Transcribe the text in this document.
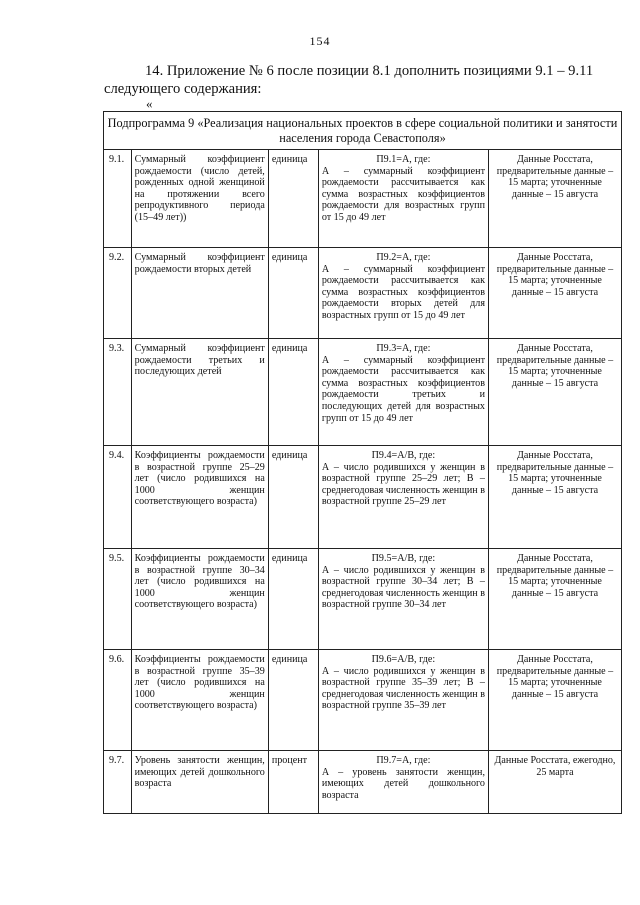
154
14. Приложение № 6 после позиции 8.1 дополнить позициями 9.1 – 9.11
следующего содержания:
«
Подпрограмма 9 «Реализация национальных проектов в сфере социальной политики и занятости населения города Севастополя»				
9.1.	Суммарный коэффициент рождаемости (число детей, рожденных одной женщиной на протяжении всего репродуктивного периода (15–49 лет))	единица	П9.1=А, где:
А – суммарный коэффициент рождаемости рассчитывается как сумма возрастных коэффициентов рождаемости для возрастных групп от 15 до 49 лет	Данные Росстата, предварительные данные – 15 марта; уточненные данные – 15 августа
9.2.	Суммарный коэффициент рождаемости вторых детей	единица	П9.2=А, где:
А – суммарный коэффициент рождаемости рассчитывается как сумма возрастных коэффициентов рождаемости вторых детей для возрастных групп от 15 до 49 лет	Данные Росстата, предварительные данные – 15 марта; уточненные данные – 15 августа
9.3.	Суммарный коэффициент рождаемости третьих и последующих детей	единица	П9.3=А, где:
А – суммарный коэффициент рождаемости рассчитывается как сумма возрастных коэффициентов рождаемости третьих и последующих детей для возрастных групп от 15 до 49 лет	Данные Росстата, предварительные данные – 15 марта; уточненные данные – 15 августа
9.4.	Коэффициенты рождаемости в возрастной группе 25–29 лет (число родившихся на 1000 женщин соответствующего возраста)	единица	П9.4=А/В, где:
А – число родившихся у женщин в возрастной группе 25–29 лет; В – среднегодовая численность женщин в возрастной группе 25–29 лет	Данные Росстата, предварительные данные – 15 марта; уточненные данные – 15 августа
9.5.	Коэффициенты рождаемости в возрастной группе 30–34 лет (число родившихся на 1000 женщин соответствующего возраста)	единица	П9.5=А/В, где:
А – число родившихся у женщин в возрастной группе 30–34 лет; В – среднегодовая численность женщин в возрастной группе 30–34 лет	Данные Росстата, предварительные данные – 15 марта; уточненные данные – 15 августа
9.6.	Коэффициенты рождаемости в возрастной группе 35–39 лет (число родившихся на 1000 женщин соответствующего возраста)	единица	П9.6=А/В, где:
А – число родившихся у женщин в возрастной группе 35–39 лет; В – среднегодовая численность женщин в возрастной группе 35–39 лет	Данные Росстата, предварительные данные – 15 марта; уточненные данные – 15 августа
9.7.	Уровень занятости женщин, имеющих детей дошкольного возраста	процент	П9.7=А, где:
А – уровень занятости женщин, имеющих детей дошкольного возраста	Данные Росстата, ежегодно, 25 марта
